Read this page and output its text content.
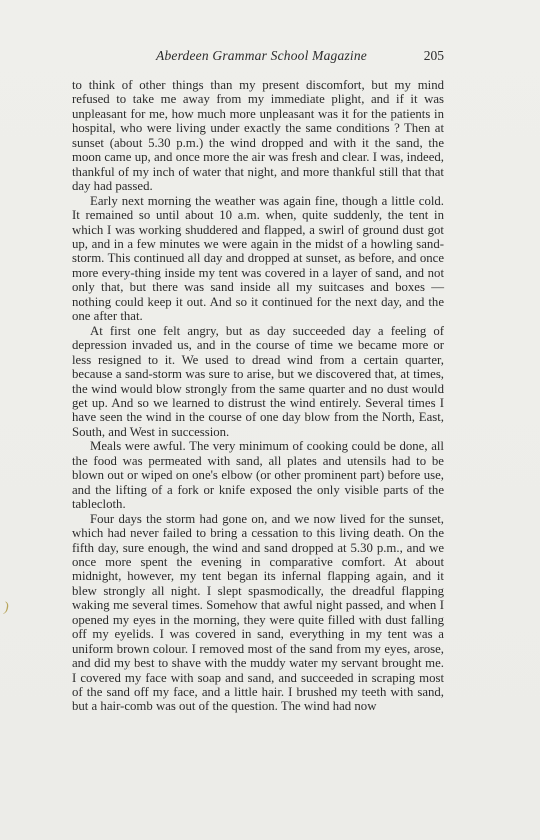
Aberdeen Grammar School Magazine	205

to think of other things than my present discomfort, but my mind refused to take me away from my immediate plight, and if it was unpleasant for me, how much more unpleasant was it for the patients in hospital, who were living under exactly the same conditions ? Then at sunset (about 5.30 p.m.) the wind dropped and with it the sand, the moon came up, and once more the air was fresh and clear. I was, indeed, thankful of my inch of water that night, and more thankful still that that day had passed.

Early next morning the weather was again fine, though a little cold. It remained so until about 10 a.m. when, quite suddenly, the tent in which I was working shuddered and flapped, a swirl of ground dust got up, and in a few minutes we were again in the midst of a howling sand-storm. This continued all day and dropped at sunset, as before, and once more every-thing inside my tent was covered in a layer of sand, and not only that, but there was sand inside all my suitcases and boxes —nothing could keep it out. And so it continued for the next day, and the one after that.

At first one felt angry, but as day succeeded day a feeling of depression invaded us, and in the course of time we became more or less resigned to it. We used to dread wind from a certain quarter, because a sand-storm was sure to arise, but we discovered that, at times, the wind would blow strongly from the same quarter and no dust would get up. And so we learned to distrust the wind entirely. Several times I have seen the wind in the course of one day blow from the North, East, South, and West in succession.

Meals were awful. The very minimum of cooking could be done, all the food was permeated with sand, all plates and utensils had to be blown out or wiped on one's elbow (or other prominent part) before use, and the lifting of a fork or knife exposed the only visible parts of the tablecloth.

Four days the storm had gone on, and we now lived for the sunset, which had never failed to bring a cessation to this living death. On the fifth day, sure enough, the wind and sand dropped at 5.30 p.m., and we once more spent the evening in comparative comfort. At about midnight, however, my tent began its infernal flapping again, and it blew strongly all night. I slept spasmodically, the dreadful flapping waking me several times. Somehow that awful night passed, and when I opened my eyes in the morning, they were quite filled with dust falling off my eyelids. I was covered in sand, everything in my tent was a uniform brown colour. I removed most of the sand from my eyes, arose, and did my best to shave with the muddy water my servant brought me. I covered my face with soap and sand, and succeeded in scraping most of the sand off my face, and a little hair. I brushed my teeth with sand, but a hair-comb was out of the question. The wind had now

)
